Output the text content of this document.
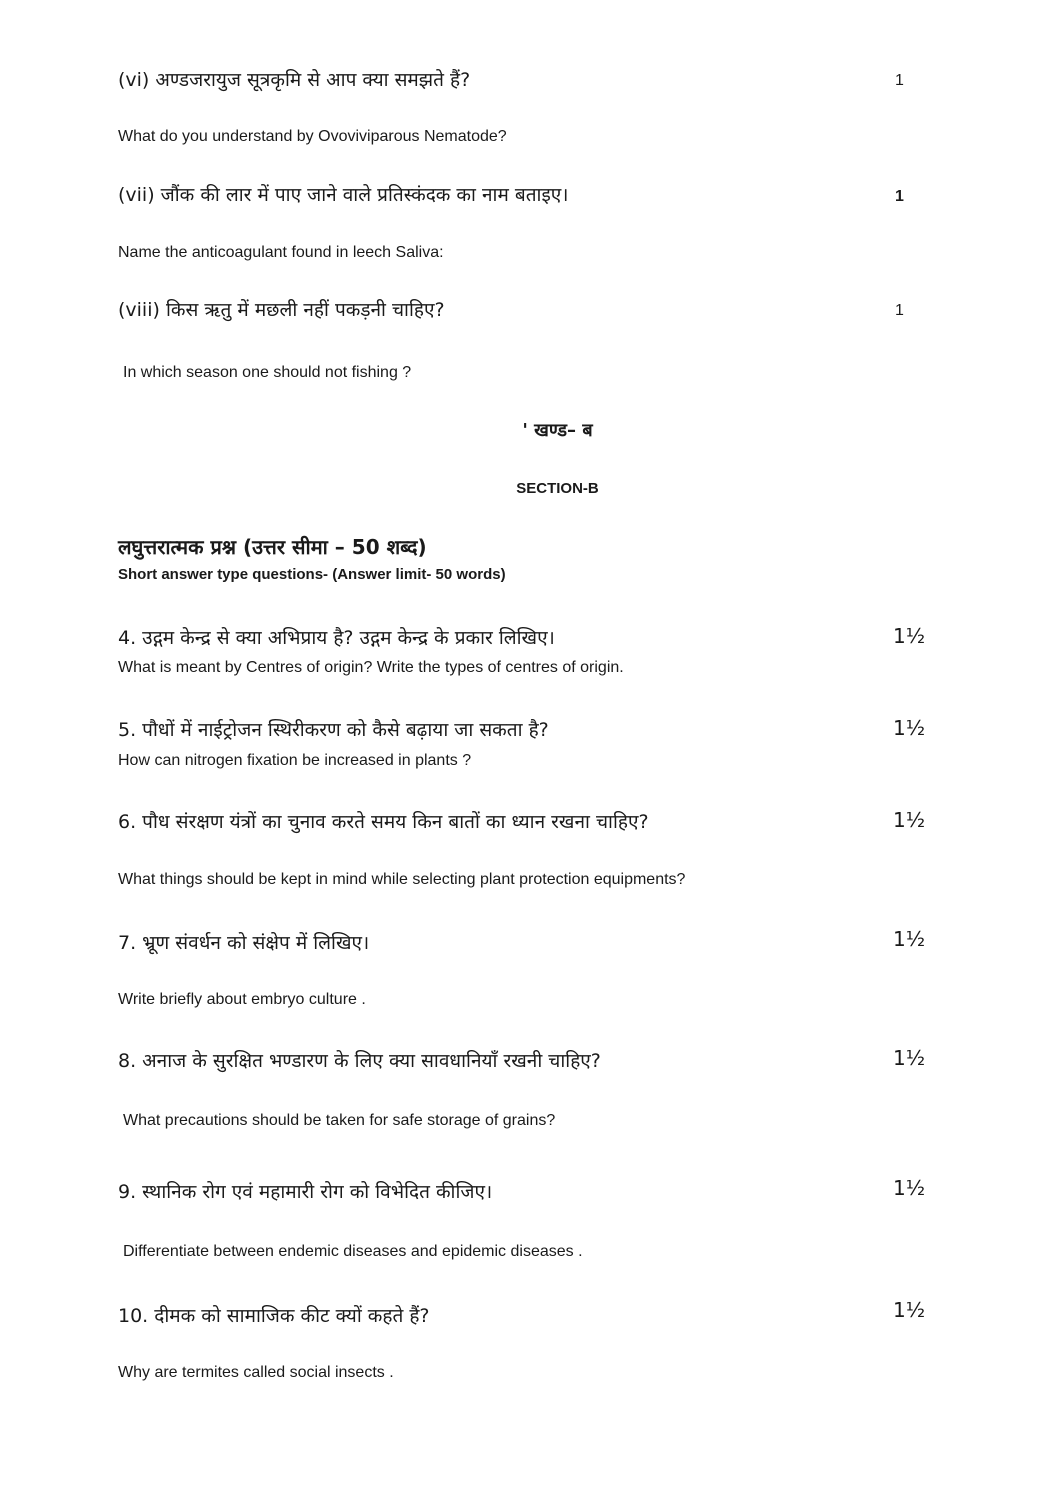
(vi) अण्डजरायुज सूत्रकृमि से आप क्या समझते हैं?	1
What do you understand by Ovoviviparous Nematode?
(vii) जौंक की लार में पाए जाने वाले प्रतिस्कंदक का नाम बताइए।	1
Name the anticoagulant found in leech Saliva:
(viii) किस ऋतु में मछली नहीं पकड़नी चाहिए?	1
In which season one should not fishing ?
' खण्ड– ब
SECTION-B
लघुत्तरात्मक प्रश्न (उत्तर सीमा – 50 शब्द)
Short answer type questions- (Answer limit- 50 words)
4. उद्गम केन्द्र से क्या अभिप्राय है? उद्गम केन्द्र के प्रकार लिखिए।	1½
What is meant by Centres of origin? Write the types of centres of origin.
5. पौधों में नाईट्रोजन स्थिरीकरण को कैसे बढ़ाया जा सकता है?	1½
How can nitrogen fixation be increased in plants ?
6. पौध संरक्षण यंत्रों का चुनाव करते समय किन बातों का ध्यान रखना चाहिए?	1½
What things should be kept in mind while selecting plant protection equipments?
7. भ्रूण संवर्धन को संक्षेप में लिखिए।	1½
Write briefly about embryo culture .
8. अनाज के सुरक्षित भण्डारण के लिए क्या सावधानियाँ रखनी चाहिए?	1½
What precautions should be taken for safe storage of grains?
9. स्थानिक रोग एवं महामारी रोग को विभेदित कीजिए।	1½
Differentiate between endemic diseases and epidemic diseases .
10. दीमक को सामाजिक कीट क्यों कहते हैं?	1½
Why are termites called social insects .
